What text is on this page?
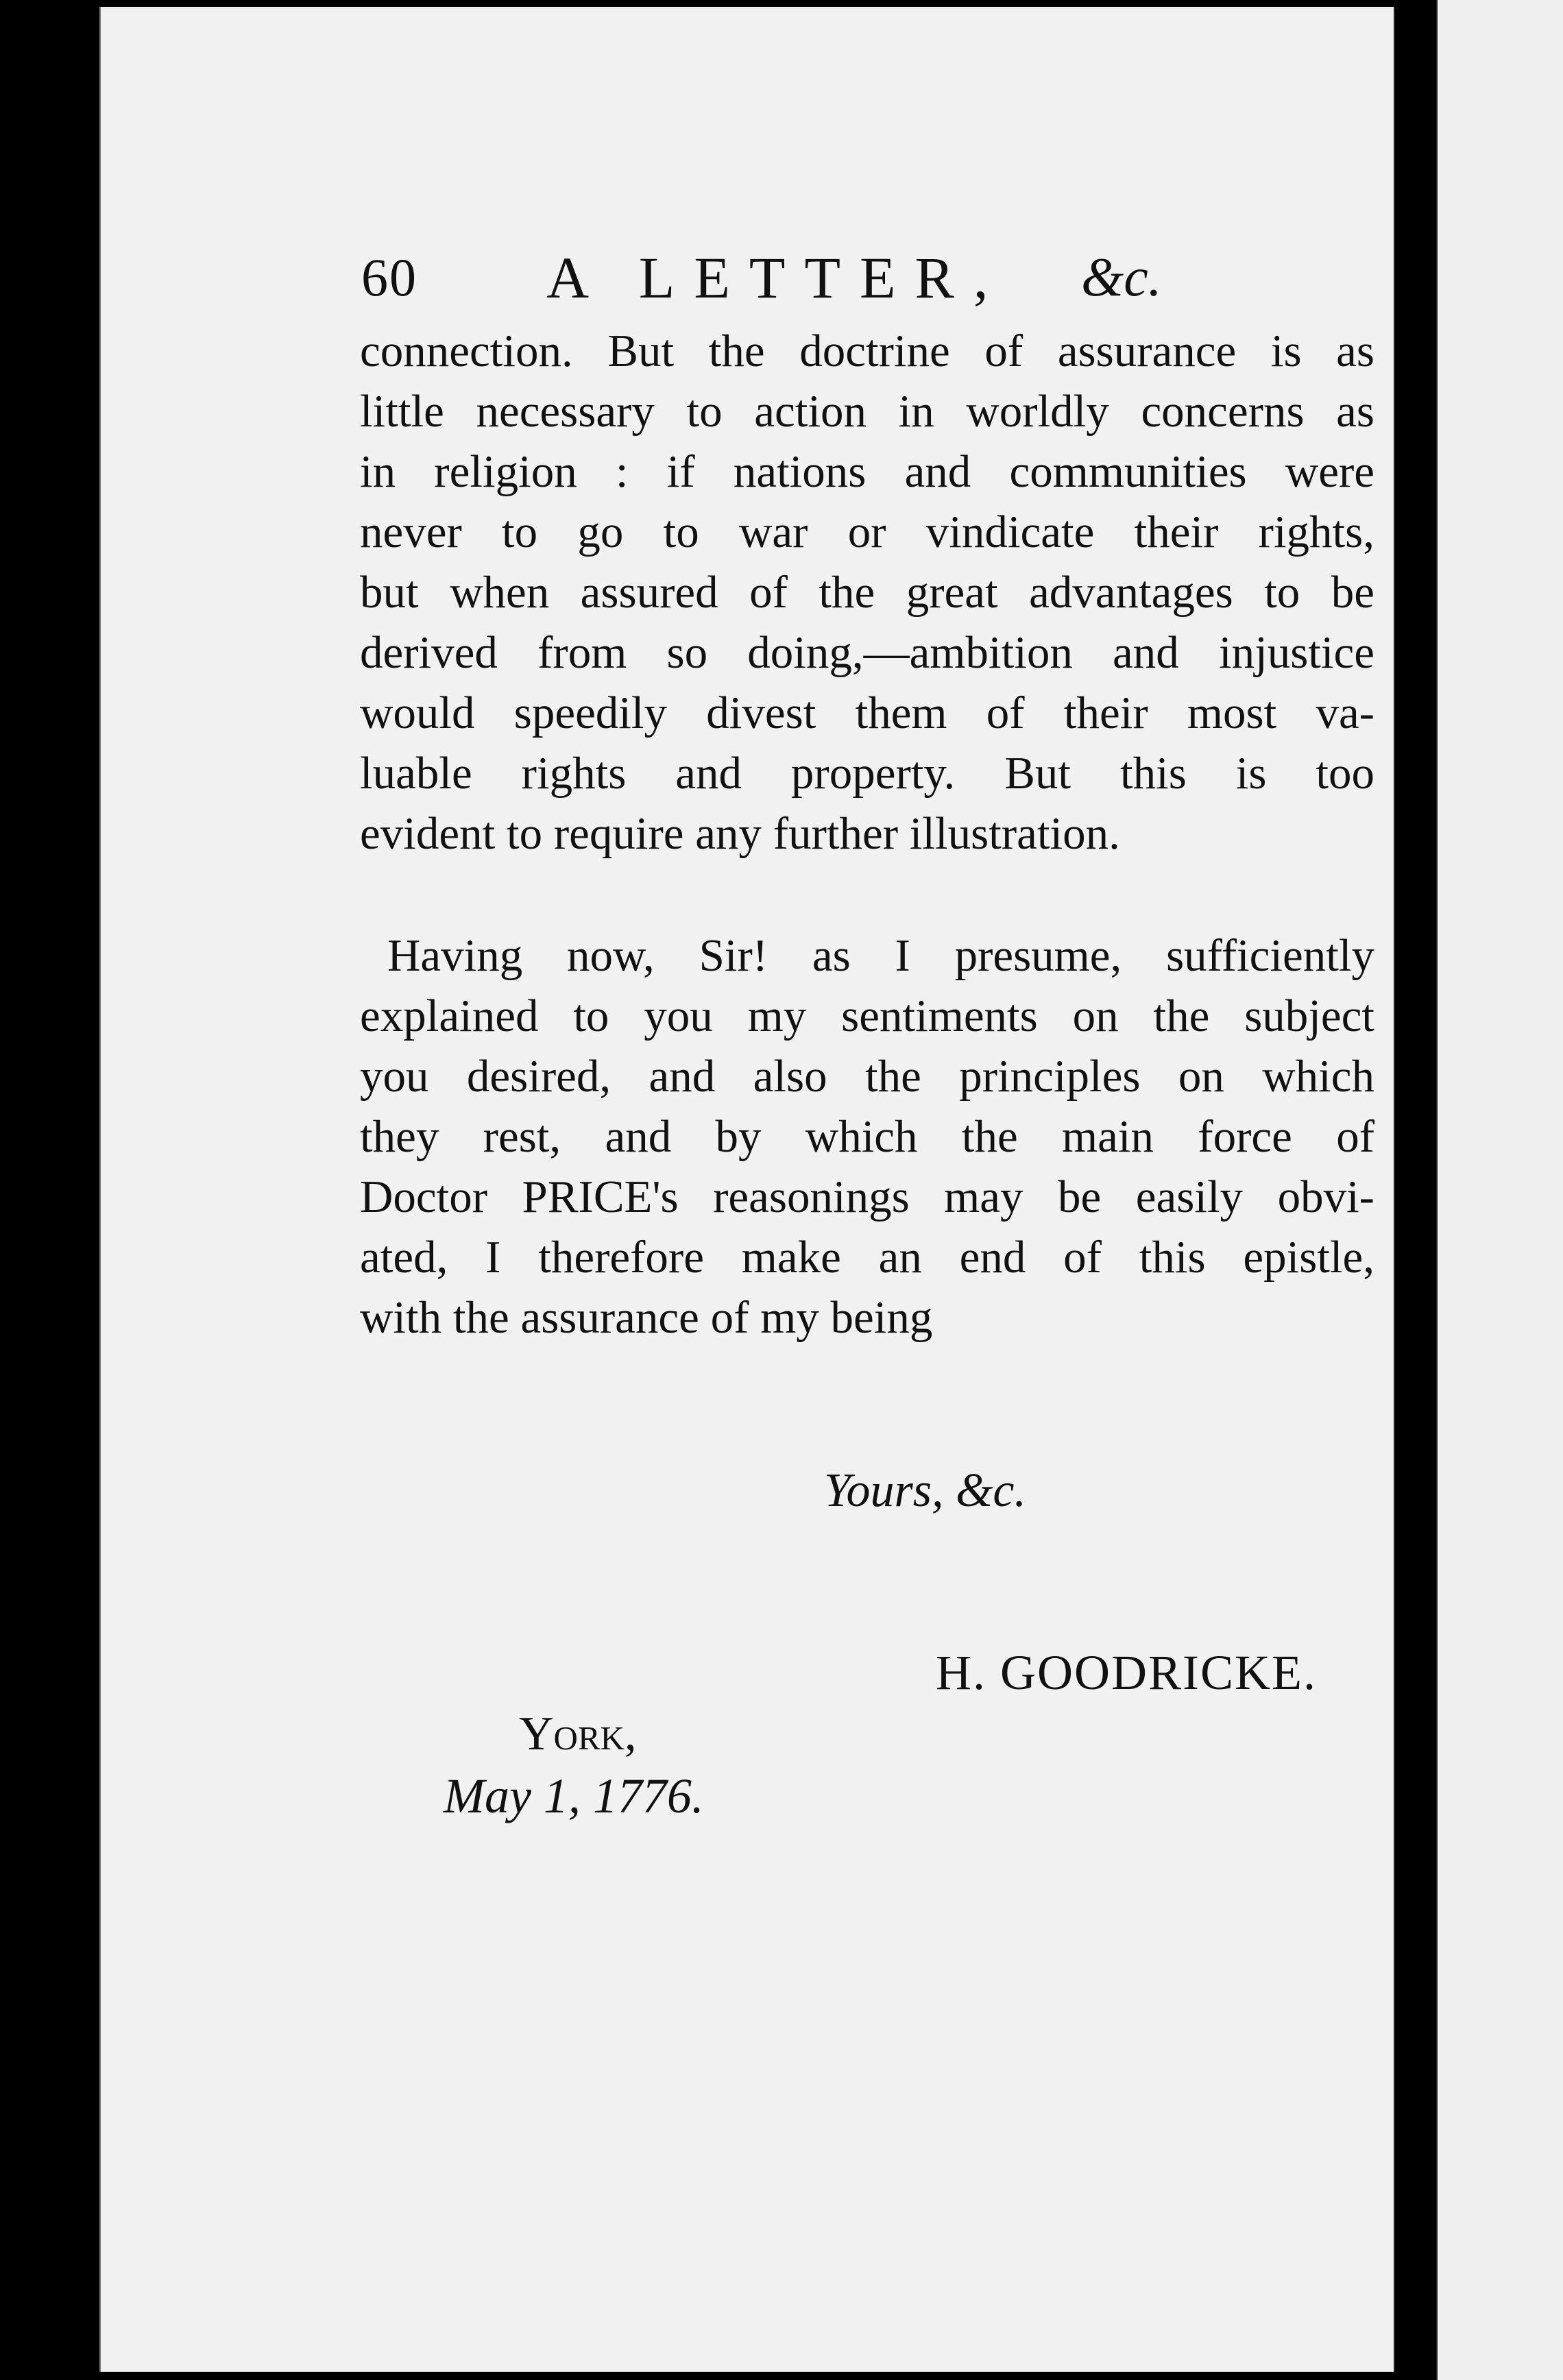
60 A LETTER, &c.
connection. But the doctrine of assurance is as
little necessary to action in worldly concerns as
in religion : if nations and communities were
never to go to war or vindicate their rights,
but when assured of the great advantages to be
derived from so doing,—ambition and injustice
would speedily divest them of their most va-
luable rights and property. But this is too
evident to require any further illustration.
Having now, Sir! as I presume, sufficiently
explained to you my sentiments on the subject
you desired, and also the principles on which
they rest, and by which the main force of
Doctor PRICE's reasonings may be easily obvi-
ated, I therefore make an end of this epistle,
with the assurance of my being
Yours, &c.
H. GOODRICKE.
York,
May 1, 1776.
